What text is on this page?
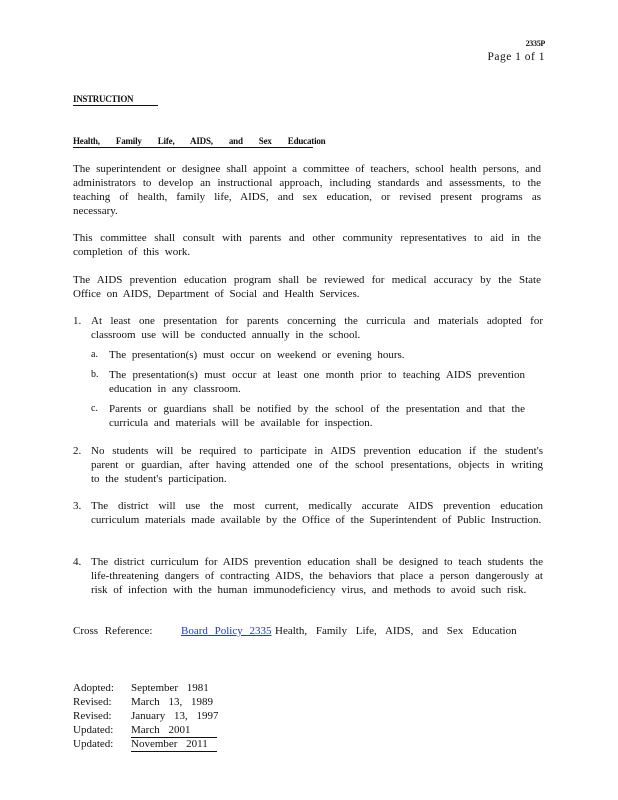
2335P
Page 1 of 1
INSTRUCTION
Health, Family Life, AIDS, and Sex Education
The superintendent or designee shall appoint a committee of teachers, school health persons, and administrators to develop an instructional approach, including standards and assessments, to the teaching of health, family life, AIDS, and sex education, or revised present programs as necessary.
This committee shall consult with parents and other community representatives to aid in the completion of this work.
The AIDS prevention education program shall be reviewed for medical accuracy by the State Office on AIDS, Department of Social and Health Services.
1. At least one presentation for parents concerning the curricula and materials adopted for classroom use will be conducted annually in the school.
a. The presentation(s) must occur on weekend or evening hours.
b. The presentation(s) must occur at least one month prior to teaching AIDS prevention education in any classroom.
c. Parents or guardians shall be notified by the school of the presentation and that the curricula and materials will be available for inspection.
2. No students will be required to participate in AIDS prevention education if the student's parent or guardian, after having attended one of the school presentations, objects in writing to the student's participation.
3. The district will use the most current, medically accurate AIDS prevention education curriculum materials made available by the Office of the Superintendent of Public Instruction.
4. The district curriculum for AIDS prevention education shall be designed to teach students the life-threatening dangers of contracting AIDS, the behaviors that place a person dangerously at risk of infection with the human immunodeficiency virus, and methods to avoid such risk.
Cross Reference:	Board Policy 2335 Health, Family Life, AIDS, and Sex Education
Adopted: September 1981
Revised: March 13, 1989
Revised: January 13, 1997
Updated: March 2001
Updated: November 2011
